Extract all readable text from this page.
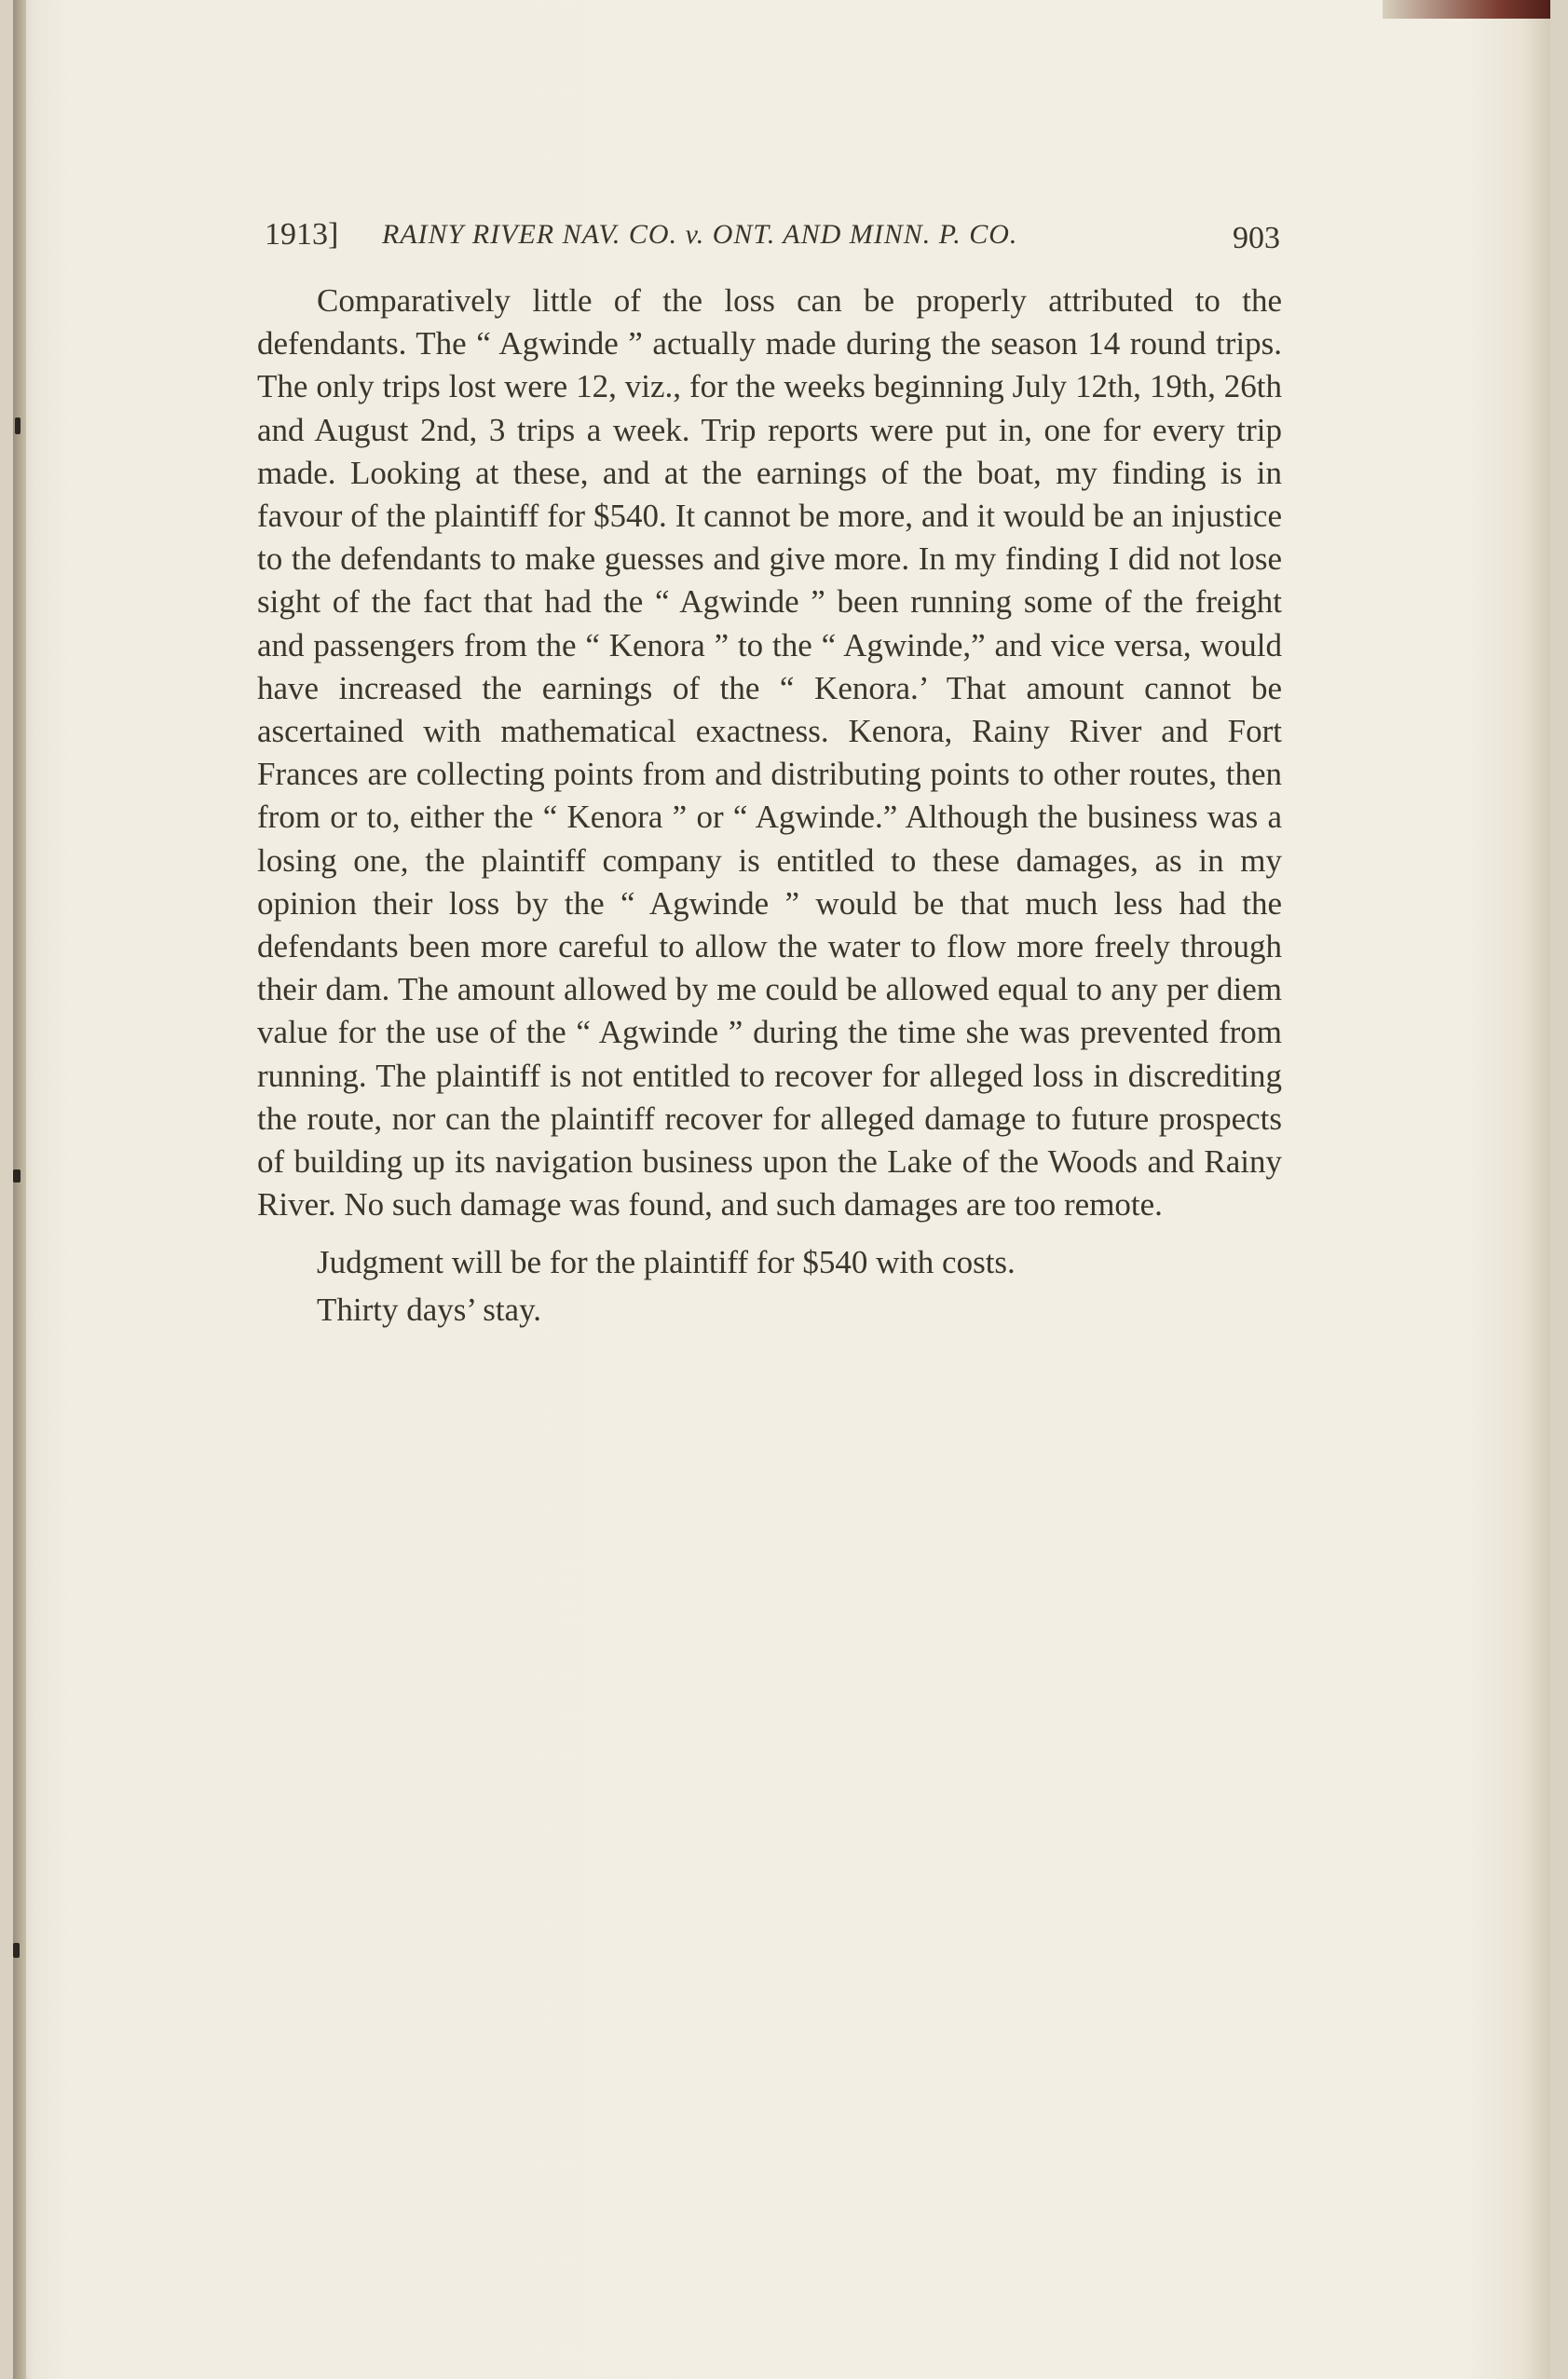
1913] RAINY RIVER NAV. CO. v. ONT. AND MINN. P. CO.	903

Comparatively little of the loss can be properly attributed to the defendants. The “ Agwinde ” actually made during the season 14 round trips. The only trips lost were 12, viz., for the weeks beginning July 12th, 19th, 26th and August 2nd, 3 trips a week. Trip reports were put in, one for every trip made. Looking at these, and at the earnings of the boat, my finding is in favour of the plaintiff for $540. It cannot be more, and it would be an injustice to the defendants to make guesses and give more. In my finding I did not lose sight of the fact that had the “ Agwinde ” been running some of the freight and passengers from the “ Kenora ” to the “ Agwinde,” and vice versa, would have increased the earnings of the “ Kenora.’ That amount cannot be ascertained with mathematical exactness. Kenora, Rainy River and Fort Frances are collecting points from and distributing points to other routes, then from or to, either the “ Kenora ” or “ Agwinde.” Although the business was a losing one, the plaintiff company is entitled to these damages, as in my opinion their loss by the “ Agwinde ” would be that much less had the defendants been more careful to allow the water to flow more freely through their dam. The amount allowed by me could be allowed equal to any per diem value for the use of the “ Agwinde ” during the time she was prevented from running. The plaintiff is not entitled to recover for alleged loss in discrediting the route, nor can the plaintiff recover for alleged damage to future prospects of building up its navigation business upon the Lake of the Woods and Rainy River. No such damage was found, and such damages are too remote.

Judgment will be for the plaintiff for $540 with costs.

Thirty days’ stay.
